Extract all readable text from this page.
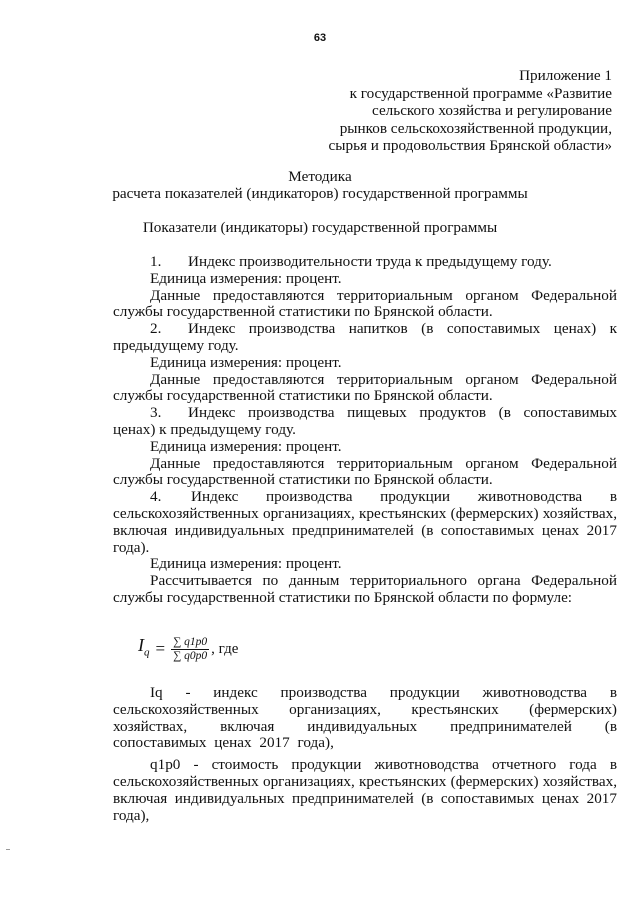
63
Приложение 1
к государственной программе «Развитие
сельского хозяйства и регулирование
рынков сельскохозяйственной продукции,
сырья и продовольствия Брянской области»
Методика
расчета показателей (индикаторов) государственной программы
Показатели (индикаторы) государственной программы

1. Индекс производительности труда к предыдущему году.

Единица измерения: процент.

Данные предоставляются территориальным органом Федеральной службы государственной статистики по Брянской области.

2. Индекс производства напитков (в сопоставимых ценах) к предыдущему году.

Единица измерения: процент.

Данные предоставляются территориальным органом Федеральной службы государственной статистики по Брянской области.

3. Индекс производства пищевых продуктов (в сопоставимых ценах) к предыдущему году.

Единица измерения: процент.

Данные предоставляются территориальным органом Федеральной службы государственной статистики по Брянской области.

4. Индекс производства продукции животноводства в сельскохозяйственных организациях, крестьянских (фермерских) хозяйствах, включая индивидуальных предпринимателей (в сопоставимых ценах 2017 года).

Единица измерения: процент.

Рассчитывается по данным территориального органа Федеральной службы государственной статистики по Брянской области по формуле:

$I_q = \frac{\sum q1p0}{\sum q0p0}$ , где

Iq - индекс производства продукции животноводства в сельскохозяйственных организациях, крестьянских (фермерских) хозяйствах, включая индивидуальных предпринимателей (в сопоставимых ценах 2017 года),

q1p0 - стоимость продукции животноводства отчетного года в сельскохозяйственных организациях, крестьянских (фермерских) хозяйствах, включая индивидуальных предпринимателей (в сопоставимых ценах 2017 года),
